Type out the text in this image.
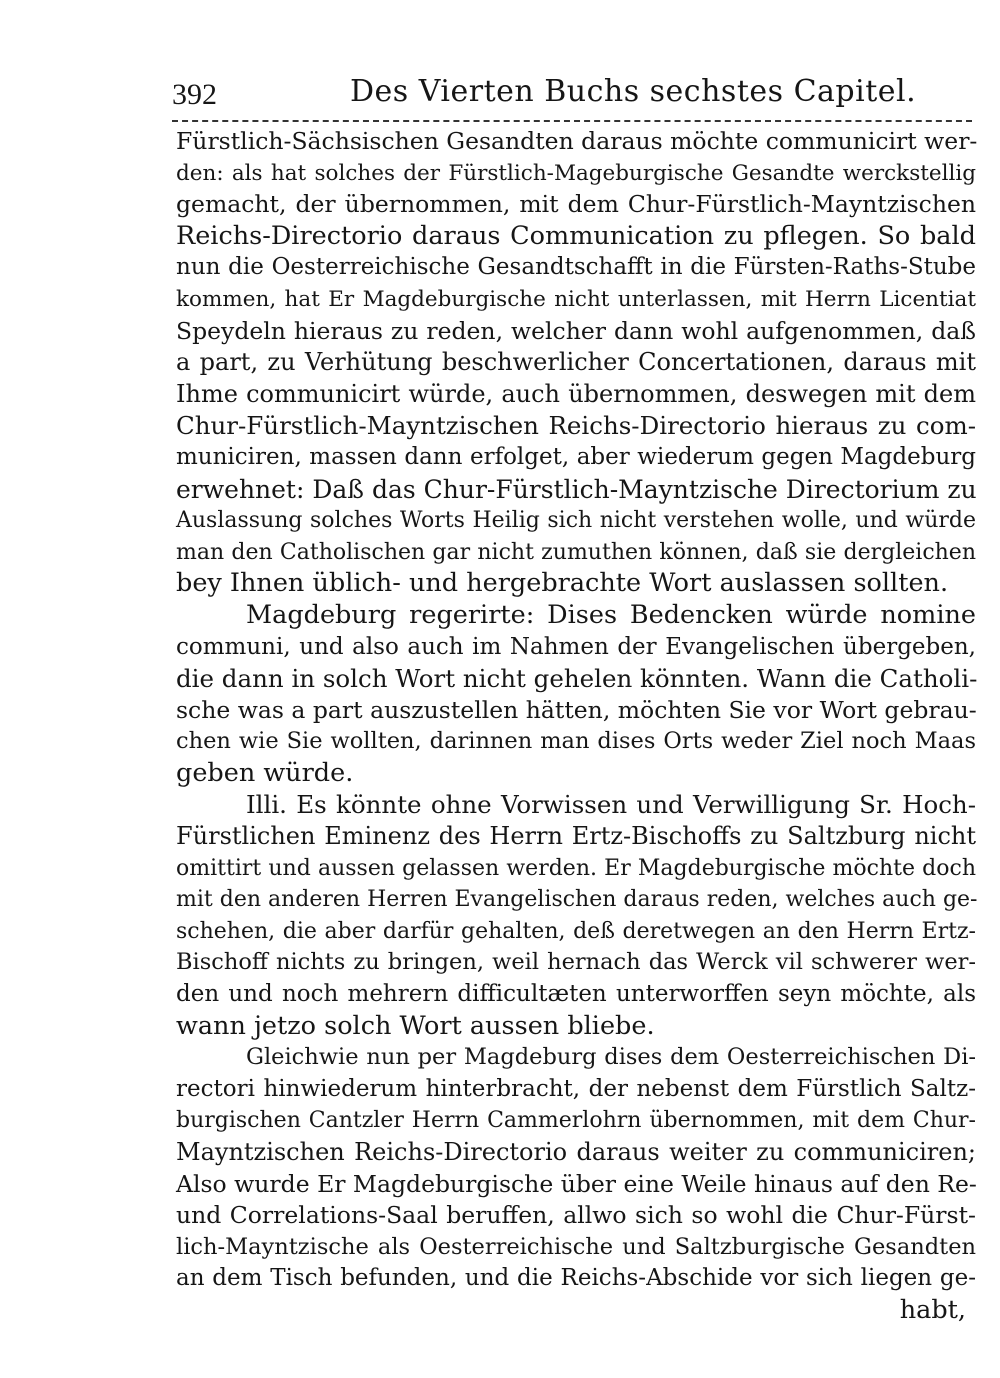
392	Des Vierten Buchs sechstes Capitel.
Fürstlich-Sächsischen Gesandten daraus möchte communicirt wer-
den: als hat solches der Fürstlich-Mageburgische Gesandte werckstellig
gemacht, der übernommen, mit dem Chur-Fürstlich-Mayntzischen
Reichs-Directorio daraus Communication zu pflegen. So bald
nun die Oesterreichische Gesandtschafft in die Fürsten-Raths-Stube
kommen, hat Er Magdeburgische nicht unterlassen, mit Herrn Licentiat
Speydeln hieraus zu reden, welcher dann wohl aufgenommen, daß
a part, zu Verhütung beschwerlicher Concertationen, daraus mit
Ihme communicirt würde, auch übernommen, deswegen mit dem
Chur-Fürstlich-Mayntzischen Reichs-Directorio hieraus zu com-
municiren, massen dann erfolget, aber wiederum gegen Magdeburg
erwehnet: Daß das Chur-Fürstlich-Mayntzische Directorium zu
Auslassung solches Worts Heilig sich nicht verstehen wolle, und würde
man den Catholischen gar nicht zumuthen können, daß sie dergleichen
bey Ihnen üblich- und hergebrachte Wort auslassen sollten.
Magdeburg regerirte: Dises Bedencken würde nomine
communi, und also auch im Nahmen der Evangelischen übergeben,
die dann in solch Wort nicht gehelen könnten. Wann die Catholi-
sche was a part auszustellen hätten, möchten Sie vor Wort gebrau-
chen wie Sie wollten, darinnen man dises Orts weder Ziel noch Maas
geben würde.
Illi. Es könnte ohne Vorwissen und Verwilligung Sr. Hoch-
Fürstlichen Eminenz des Herrn Ertz-Bischoffs zu Saltzburg nicht
omittirt und aussen gelassen werden. Er Magdeburgische möchte doch
mit den anderen Herren Evangelischen daraus reden, welches auch ge-
schehen, die aber darfür gehalten, deß deretwegen an den Herrn Ertz-
Bischoff nichts zu bringen, weil hernach das Werck vil schwerer wer-
den und noch mehrern difficultæten unterworffen seyn möchte, als
wann jetzo solch Wort aussen bliebe.
Gleichwie nun per Magdeburg dises dem Oesterreichischen Di-
rectori hinwiederum hinterbracht, der nebenst dem Fürstlich Saltz-
burgischen Cantzler Herrn Cammerlohrn übernommen, mit dem Chur-
Mayntzischen Reichs-Directorio daraus weiter zu communiciren;
Also wurde Er Magdeburgische über eine Weile hinaus auf den Re-
und Correlations-Saal beruffen, allwo sich so wohl die Chur-Fürst-
lich-Mayntzische als Oesterreichische und Saltzburgische Gesandten
an dem Tisch befunden, und die Reichs-Abschide vor sich liegen ge-
habt,
